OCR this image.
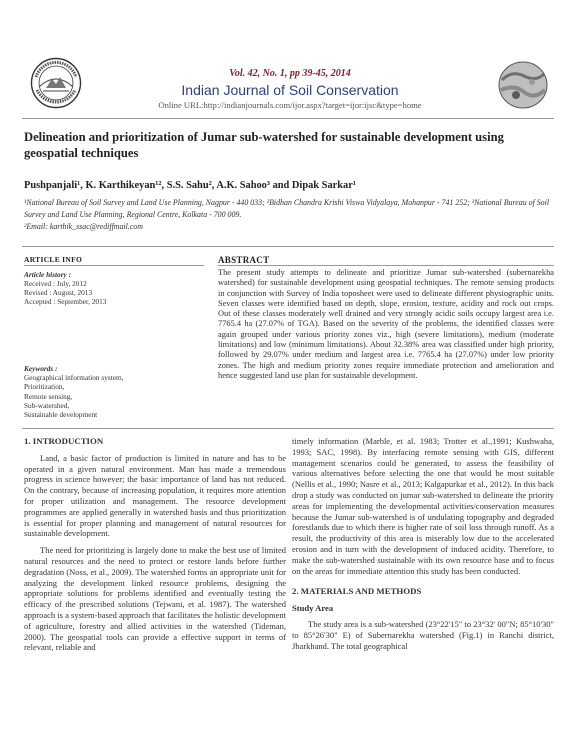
Vol. 42, No. 1, pp 39-45, 2014
Indian Journal of Soil Conservation
Online URL:http://indianjournals.com/ijor.aspx?target=ijor:ijsc&type=home
Delineation and prioritization of Jumar sub-watershed for sustainable development using geospatial techniques
Pushpanjali¹, K. Karthikeyan¹², S.S. Sahu², A.K. Sahoo³ and Dipak Sarkar¹
¹National Bureau of Soil Survey and Land Use Planning, Nagpur - 440 033; ²Bidhan Chandra Krishi Viswa Vidyalaya, Mohanpur - 741 252; ³National Bureau of Soil Survey and Land Use Planning, Regional Centre, Kolkata - 700 009.
²Email: karthik_ssac@rediffmail.com
ARTICLE INFO
Article history :
Received : July, 2012
Revised : August, 2013
Accepted : September, 2013
Keywords :
Geographical information system,
Prioritization,
Remote sensing,
Sub-watershed,
Sustainable development
ABSTRACT
The present study attempts to delineate and prioritize Jumar sub-watershed (subernarekha watershed) for sustainable development using geospatial techniques. The remote sensing products in conjunction with Survey of India toposheet were used to delineate different physiographic units. Seven classes were identified based on depth, slope, erosion, texture, acidity and rock out crops. Out of these classes moderately well drained and very strongly acidic soils occupy largest area i.e. 7765.4 ha (27.07% of TGA). Based on the severity of the problems, the identified classes were again grouped under various priority zones viz., high (severe limitations), medium (moderate limitations) and low (minimum limitations). About 32.38% area was classified under high priority, followed by 29.07% under medium and largest area i.e. 7765.4 ha (27.07%) under low priority zones. The high and medium priority zones require immediate protection and amelioration and hence suggested land use plan for sustainable development.
1. INTRODUCTION

Land, a basic factor of production is limited in nature and has to be operated in a given natural environment. Man has made a tremendous progress in science however; the basic importance of land has not reduced. On the contrary, because of increasing population, it requires more attention for proper utilization and management. The resource development programmes are applied generally in watershed basis and thus prioritization is essential for proper planning and management of natural resources for sustainable development.

The need for prioritizing is largely done to make the best use of limited natural resources and the need to protect or restore lands before further degradation (Noss, et al., 2009). The watershed forms an appropriate unit for analyzing the development linked resource problems, designing the appropriate solutions for problems identified and eventually testing the efficacy of the prescribed solutions (Tejwani, et al. 1987). The watershed approach is a system-based approach that facilitates the holistic development of agriculture, forestry and allied activities in the watershed (Tideman, 2000). The geospatial tools can provide a effective support in terms of relevant, reliable and

timely information (Marble, et al. 1983; Trotter et al.,1991; Kushwaha, 1993; SAC, 1998). By interfacing remote sensing with GIS, different management scenarios could be generated, to assess the feasibility of various alternatives before selecting the one that would be most suitable (Nellis et al., 1990; Nasre et al., 2013; Kalgapurkar et al., 2012). In this back drop a study was conducted on jumar sub-watershed to delineate the priority areas for implementing the developmental activities/conservation measures because the Jumar sub-watershed is of undulating topography and degraded forestlands due to which there is higher rate of soil loss through runoff. As a result, the productivity of this area is miserably low due to the accelerated erosion and in turn with the development of induced acidity. Therefore, to make the sub-watershed sustainable with its own resource base and to focus on the areas for immediate attention this study has been conducted.

2. MATERIALS AND METHODS
Study Area

The study area is a sub-watershed (23°22'15" to 23°32' 00"N; 85°10'30" to 85°26'30" E) of Subernarekha watershed (Fig.1) in Ranchi district, Jharkhand. The total geographical
